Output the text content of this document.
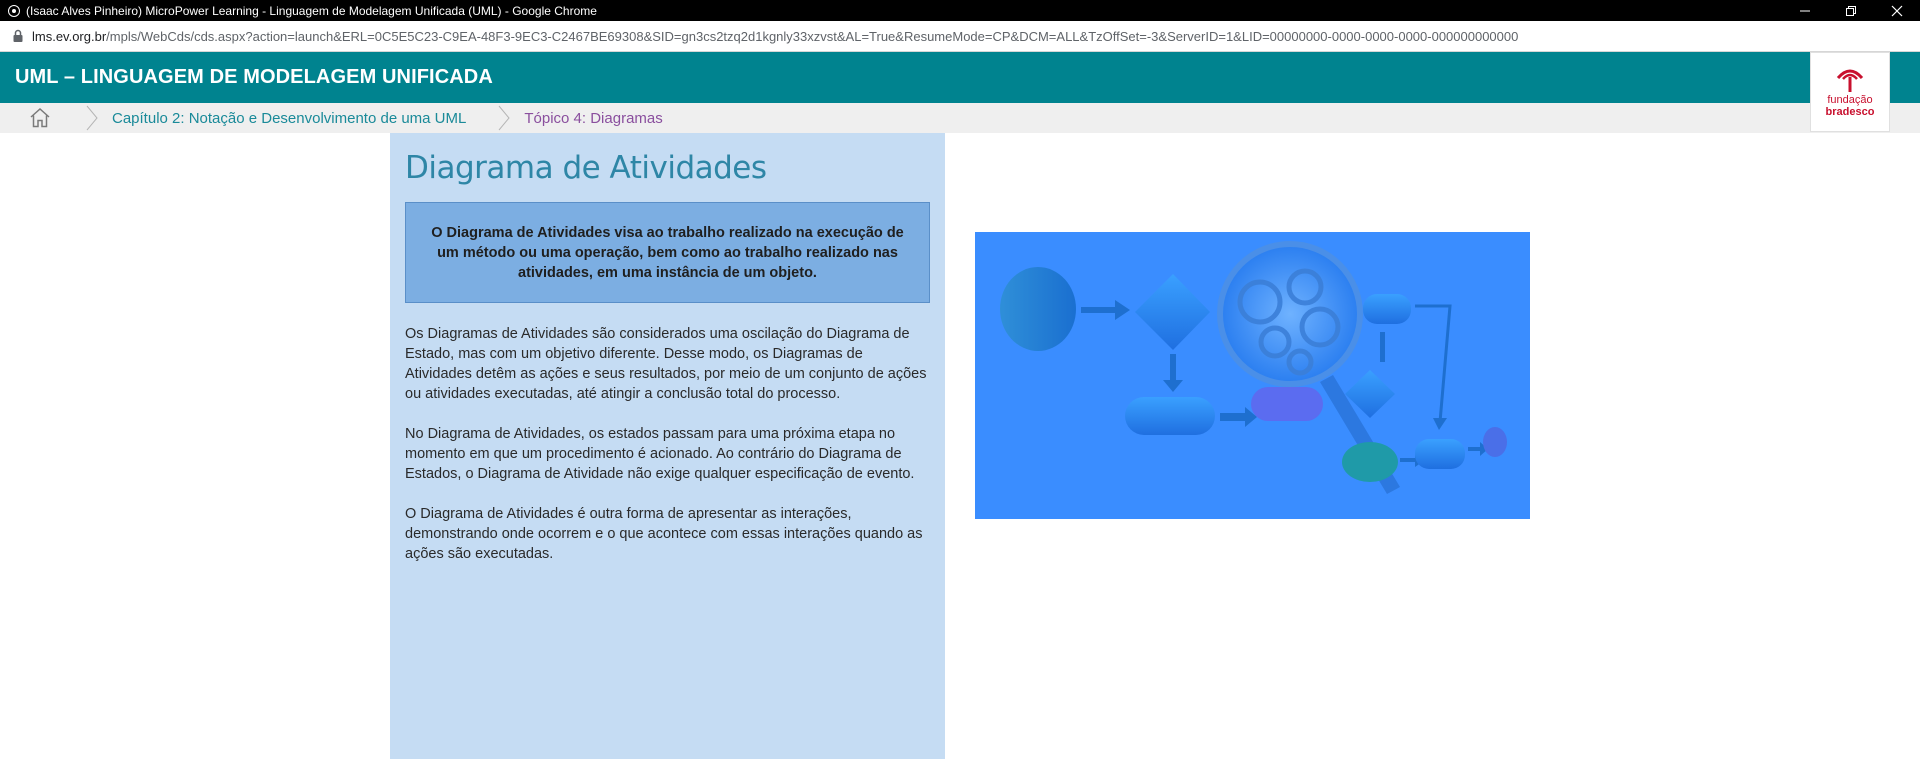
(Isaac Alves Pinheiro) MicroPower Learning - Linguagem de Modelagem Unificada (UML) - Google Chrome
lms.ev.org.br /mpls/WebCds/cds.aspx?action=launch&ERL=0C5E5C23-C9EA-48F3-9EC3-C2467BE69308&SID=gn3cs2tzq2d1kgnly33xzvst&AL=True&ResumeMode=CP&DCM=ALL&TzOffSet=-3&ServerID=1&LID=00000000-0000-0000-0000-000000000000
UML – LINGUAGEM DE MODELAGEM UNIFICADA
Capítulo 2: Notação e Desenvolvimento de uma UML	Tópico 4: Diagramas
fundação
bradesco
Diagrama de Atividades

O Diagrama de Atividades visa ao trabalho realizado na execução de um método ou uma operação, bem como ao trabalho realizado nas atividades, em uma instância de um objeto.

Os Diagramas de Atividades são considerados uma oscilação do Diagrama de Estado, mas com um objetivo diferente. Desse modo, os Diagramas de Atividades detêm as ações e seus resultados, por meio de um conjunto de ações ou atividades executadas, até atingir a conclusão total do processo.

No Diagrama de Atividades, os estados passam para uma próxima etapa no momento em que um procedimento é acionado. Ao contrário do Diagrama de Estados, o Diagrama de Atividade não exige qualquer especificação de evento.

O Diagrama de Atividades é outra forma de apresentar as interações, demonstrando onde ocorrem e o que acontece com essas interações quando as ações são executadas.
